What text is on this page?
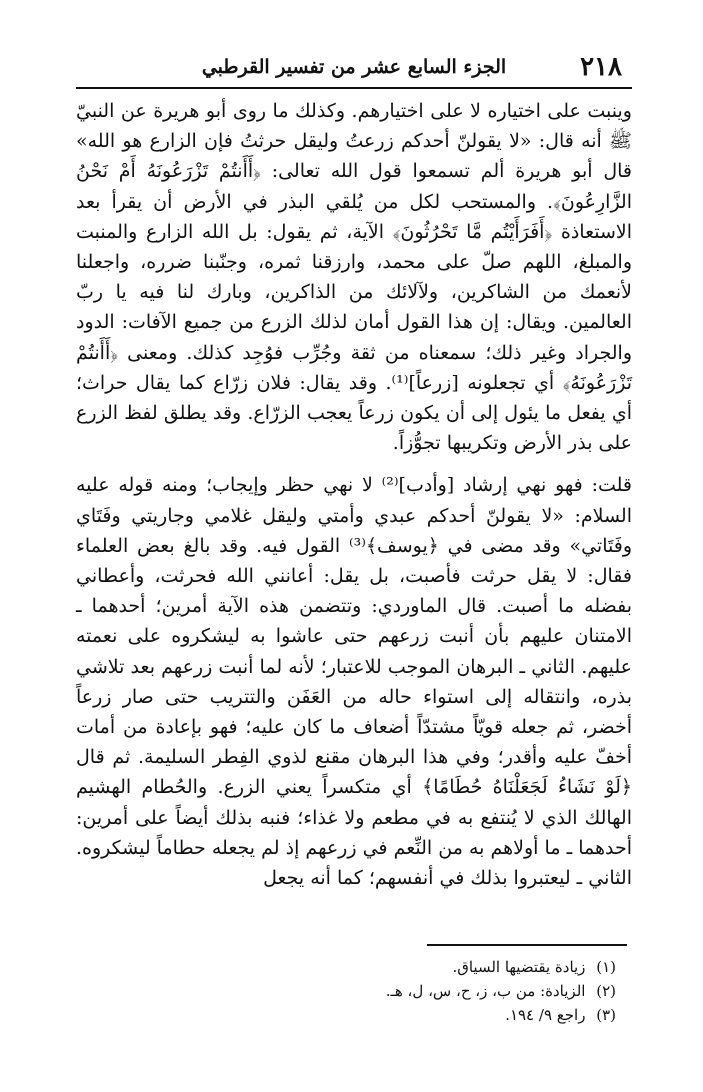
٢١٨
الجزء السابع عشر من تفسير القرطبي

وينبت على اختياره لا على اختيارهم. وكذلك ما روى أبو هريرة عن النبيّ ﷺ أنه قال: «لا يقولنّ أحدكم زرعتُ وليقل حرثتُ فإن الزارع هو الله» قال أبو هريرة ألم تسمعوا قول الله تعالى: ﴿أَأَنتُمْ تَزْرَعُونَهُ أَمْ نَحْنُ الزَّارِعُونَ﴾. والمستحب لكل من يُلقي البذر في الأرض أن يقرأ بعد الاستعاذة ﴿أَفَرَأَيْتُم مَّا تَحْرُثُونَ﴾ الآية، ثم يقول: بل الله الزارع والمنبت والمبلغ، اللهم صلّ على محمد، وارزقنا ثمره، وجنّبنا ضرره، واجعلنا لأنعمك من الشاكرين، ولآلائك من الذاكرين، وبارك لنا فيه يا ربّ العالمين. ويقال: إن هذا القول أمان لذلك الزرع من جميع الآفات: الدود والجراد وغير ذلك؛ سمعناه من ثقة وجُرِّب فوُجِد كذلك. ومعنى ﴿أَأَنتُمْ تَزْرَعُونَهُ﴾ أي تجعلونه [زرعاً]⁽¹⁾. وقد يقال: فلان زرّاع كما يقال حراث؛ أي يفعل ما يئول إلى أن يكون زرعاً يعجب الزرّاع. وقد يطلق لفظ الزرع على بذر الأرض وتكريبها تجوُّزاً.

قلت: فهو نهي إرشاد [وأدب]⁽²⁾ لا نهي حظر وإيجاب؛ ومنه قوله عليه السلام: «لا يقولنّ أحدكم عبدي وأمتي وليقل غلامي وجاريتي وفَتَاي وفَتَاتي» وقد مضى في ﴿يوسف﴾⁽³⁾ القول فيه. وقد بالغ بعض العلماء فقال: لا يقل حرثت فأصبت، بل يقل: أعانني الله فحرثت، وأعطاني بفضله ما أصبت. قال الماوردي: وتتضمن هذه الآية أمرين؛ أحدهما ـ الامتنان عليهم بأن أنبت زرعهم حتى عاشوا به ليشكروه على نعمته عليهم. الثاني ـ البرهان الموجب للاعتبار؛ لأنه لما أنبت زرعهم بعد تلاشي بذره، وانتقاله إلى استواء حاله من العَفَن والتتريب حتى صار زرعاً أخضر، ثم جعله قويّاً مشتدّاً أضعاف ما كان عليه؛ فهو بإعادة من أمات أخفّ عليه وأقدر؛ وفي هذا البرهان مقنع لذوي الفِطر السليمة. ثم قال ﴿لَوْ نَشَاءُ لَجَعَلْنَاهُ حُطَامًا﴾ أي متكسراً يعني الزرع. والحُطام الهشيم الهالك الذي لا يُنتفع به في مطعم ولا غذاء؛ فنبه بذلك أيضاً على أمرين: أحدهما ـ ما أولاهم به من النِّعم في زرعهم إذ لم يجعله حطاماً ليشكروه. الثاني ـ ليعتبروا بذلك في أنفسهم؛ كما أنه يجعل

(١) زيادة يقتضيها السياق.
(٢) الزيادة: من ب، ز، ح، س، ل، هـ.
(٣) راجع ٩/ ١٩٤.
